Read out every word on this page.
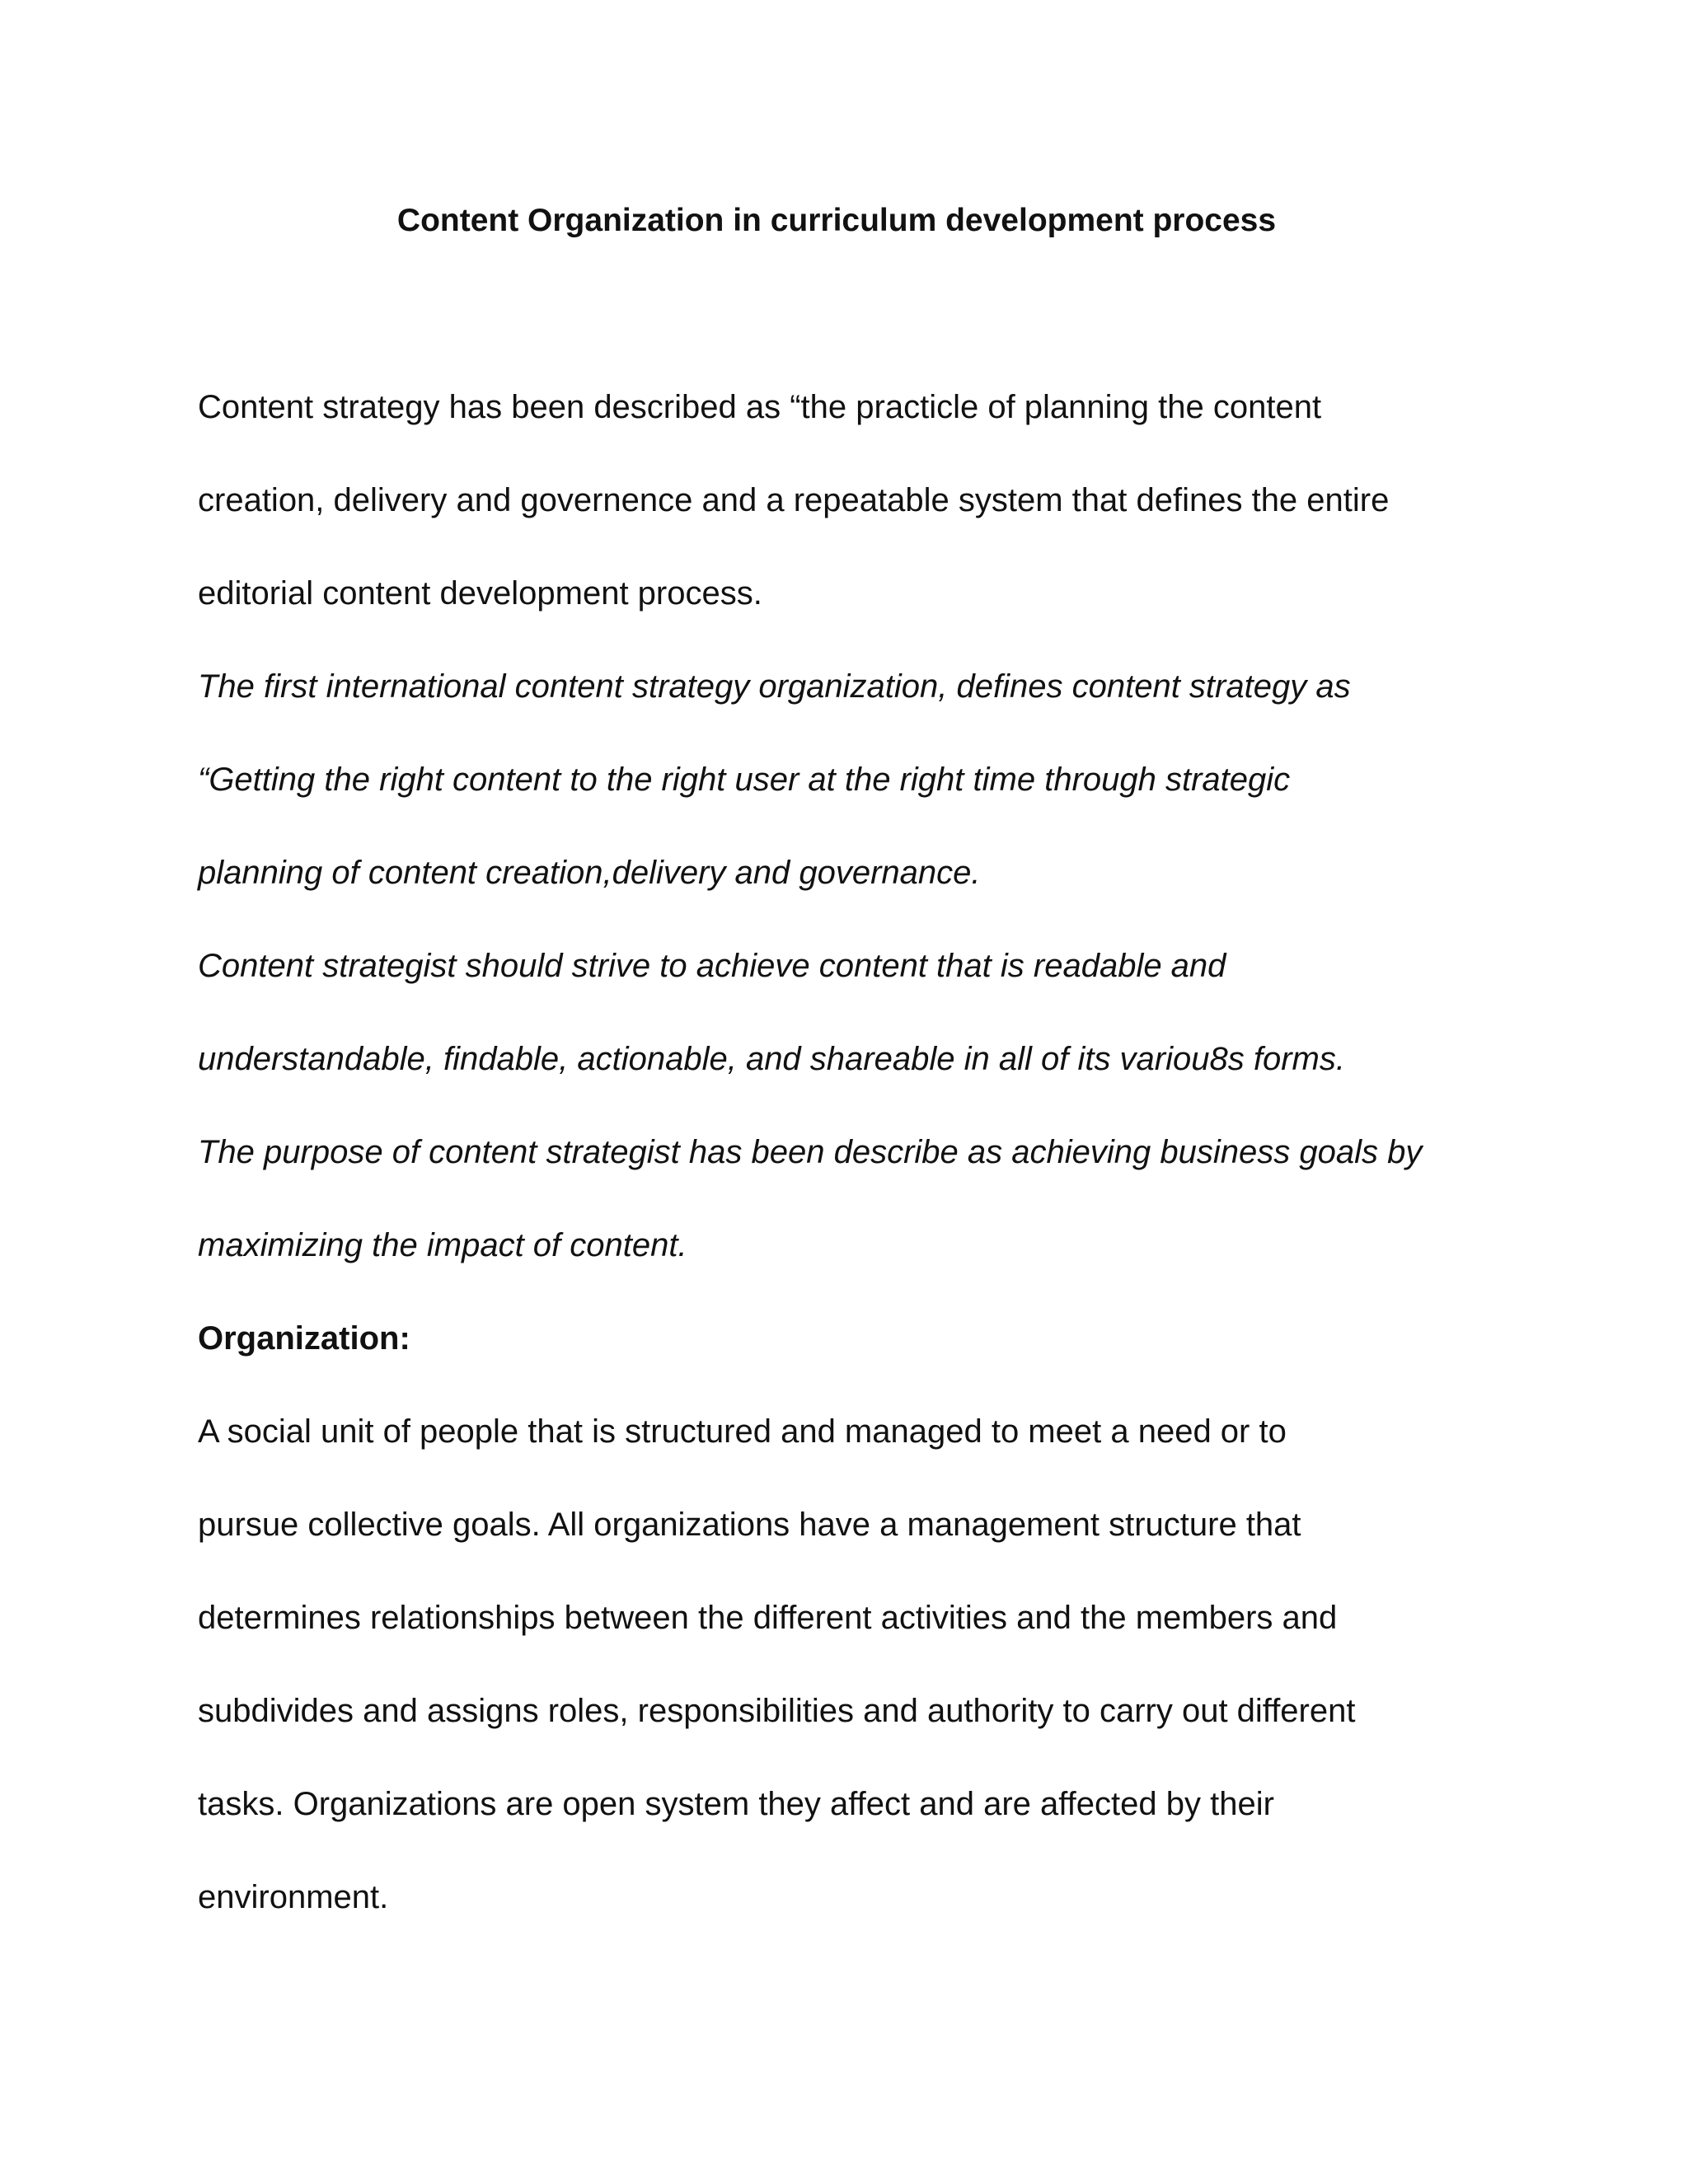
Content Organization in curriculum development process

Content strategy has been described as “the practicle of planning the content

creation, delivery and governence and a repeatable system that defines the entire

editorial content development process.

The first international content strategy organization, defines content strategy as

“Getting the right content to the right user at the right time through strategic

planning of content creation,delivery and governance.

Content strategist should strive to achieve content that is readable and

understandable, findable, actionable, and shareable in all of its variou8s forms.

The purpose of content strategist has been describe as achieving business goals by

maximizing the impact of content.

Organization:

A social unit of people that is structured and managed to meet a need or to

pursue collective goals. All organizations have a management structure that

determines relationships between the different activities and the members and

subdivides and assigns roles, responsibilities and authority to carry out different

tasks. Organizations are open system they affect and are affected by their

environment.
